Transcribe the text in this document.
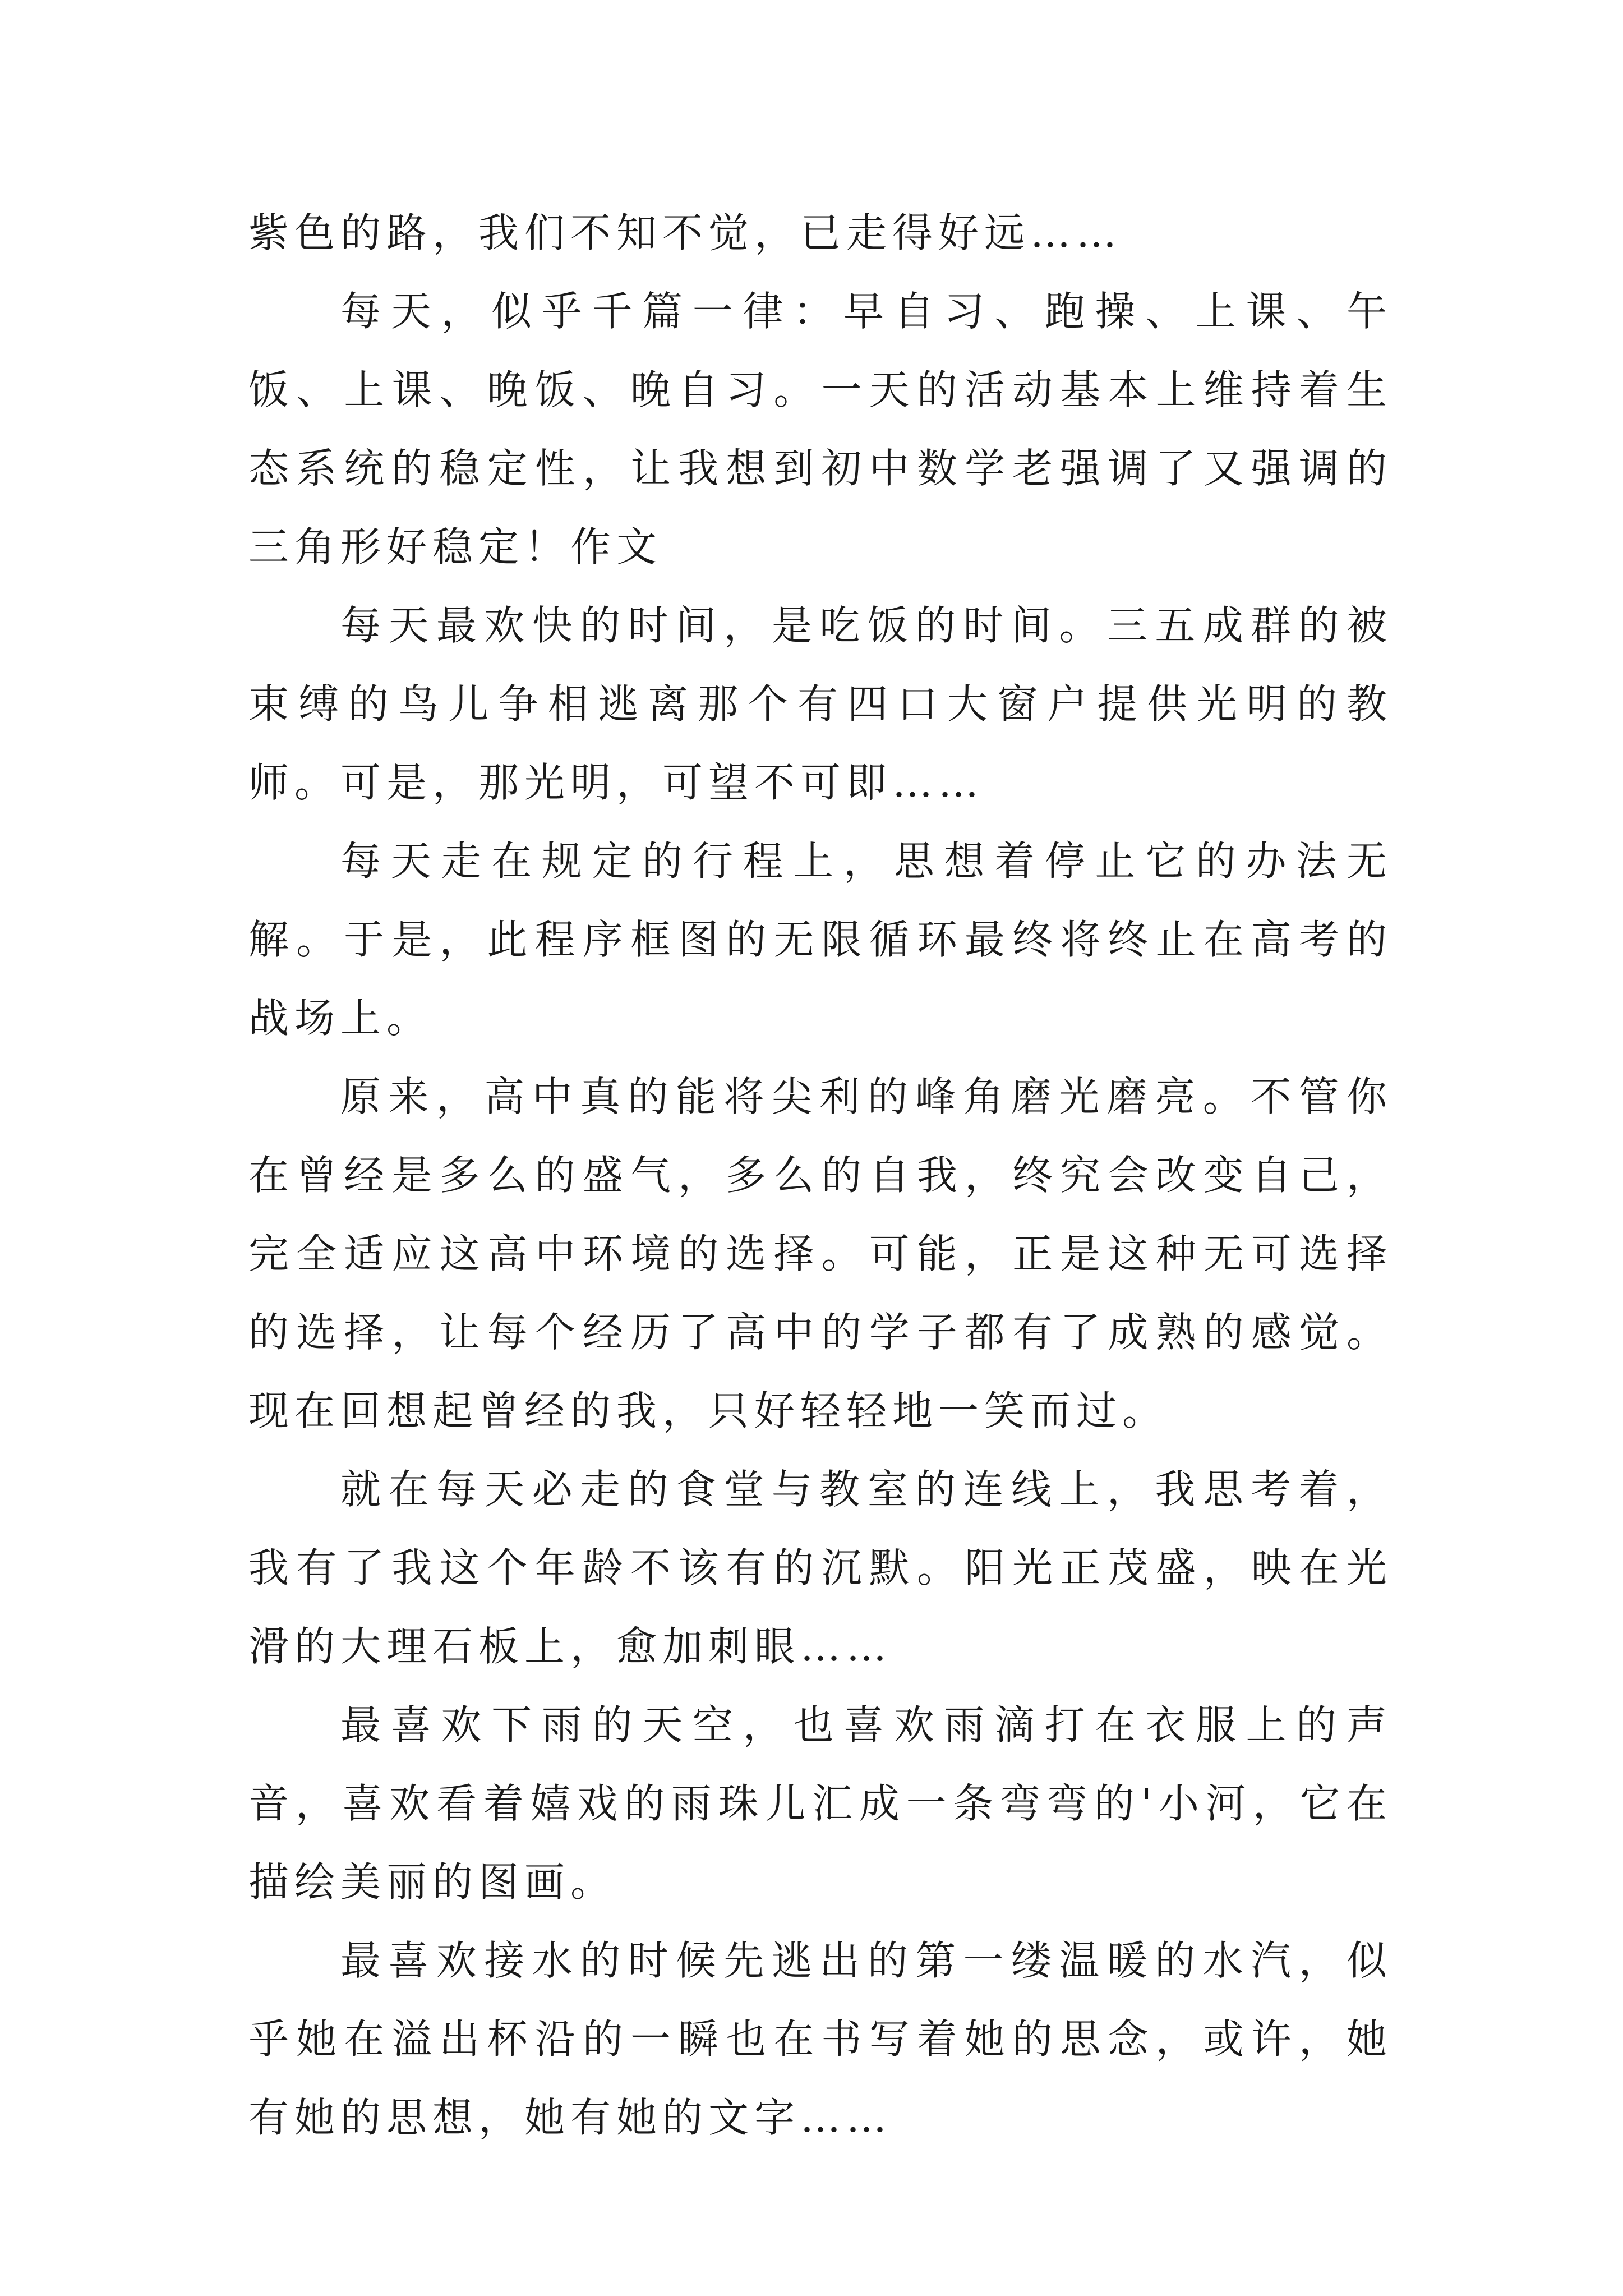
紫色的路，我们不知不觉，已走得好远……

每天，似乎千篇一律：早自习、跑操、上课、午饭、上课、晚饭、晚自习。一天的活动基本上维持着生态系统的稳定性，让我想到初中数学老强调了又强调的三角形好稳定！作文

每天最欢快的时间，是吃饭的时间。三五成群的被束缚的鸟儿争相逃离那个有四口大窗户提供光明的教师。可是，那光明，可望不可即……

每天走在规定的行程上，思想着停止它的办法无解。于是，此程序框图的无限循环最终将终止在高考的战场上。

原来，高中真的能将尖利的峰角磨光磨亮。不管你在曾经是多么的盛气，多么的自我，终究会改变自己，完全适应这高中环境的选择。可能，正是这种无可选择的选择，让每个经历了高中的学子都有了成熟的感觉。现在回想起曾经的我，只好轻轻地一笑而过。

就在每天必走的食堂与教室的连线上，我思考着，我有了我这个年龄不该有的沉默。阳光正茂盛，映在光滑的大理石板上，愈加刺眼……

最喜欢下雨的天空，也喜欢雨滴打在衣服上的声音，喜欢看着嬉戏的雨珠儿汇成一条弯弯的'小河，它在描绘美丽的图画。

最喜欢接水的时候先逃出的第一缕温暖的水汽，似乎她在溢出杯沿的一瞬也在书写着她的思念，或许，她有她的思想，她有她的文字……
